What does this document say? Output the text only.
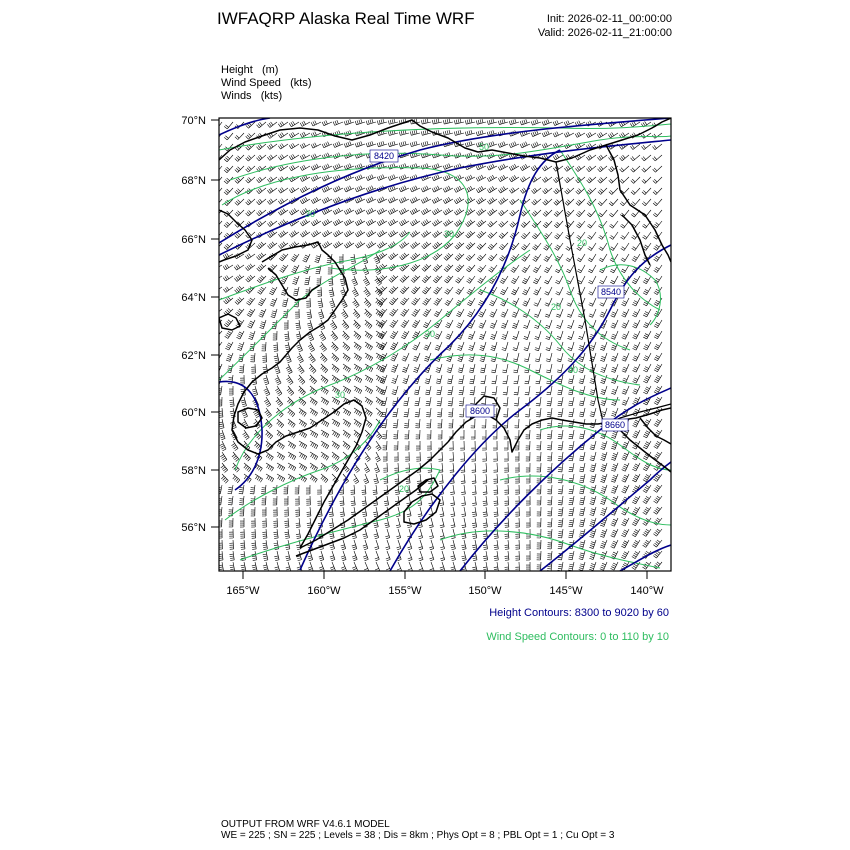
IWFAQRP Alaska Real Time WRF	Init: 2026-02-11_00:00:00
Valid: 2026-02-11_21:00:00
Height (m)
Wind Speed (kts)
Winds (kts)
8420
8540
8600
8660
50
30
30
20
30
30
40
20
20
70°N
68°N
66°N
64°N
62°N
60°N
58°N
56°N
165°W	160°W	155°W	150°W	145°W	140°W
Height Contours: 8300 to 9020 by 60
Wind Speed Contours: 0 to 110 by 10
OUTPUT FROM WRF V4.6.1 MODEL
WE = 225 ; SN = 225 ; Levels = 38 ; Dis = 8km ; Phys Opt = 8 ; PBL Opt = 1 ; Cu Opt = 3
